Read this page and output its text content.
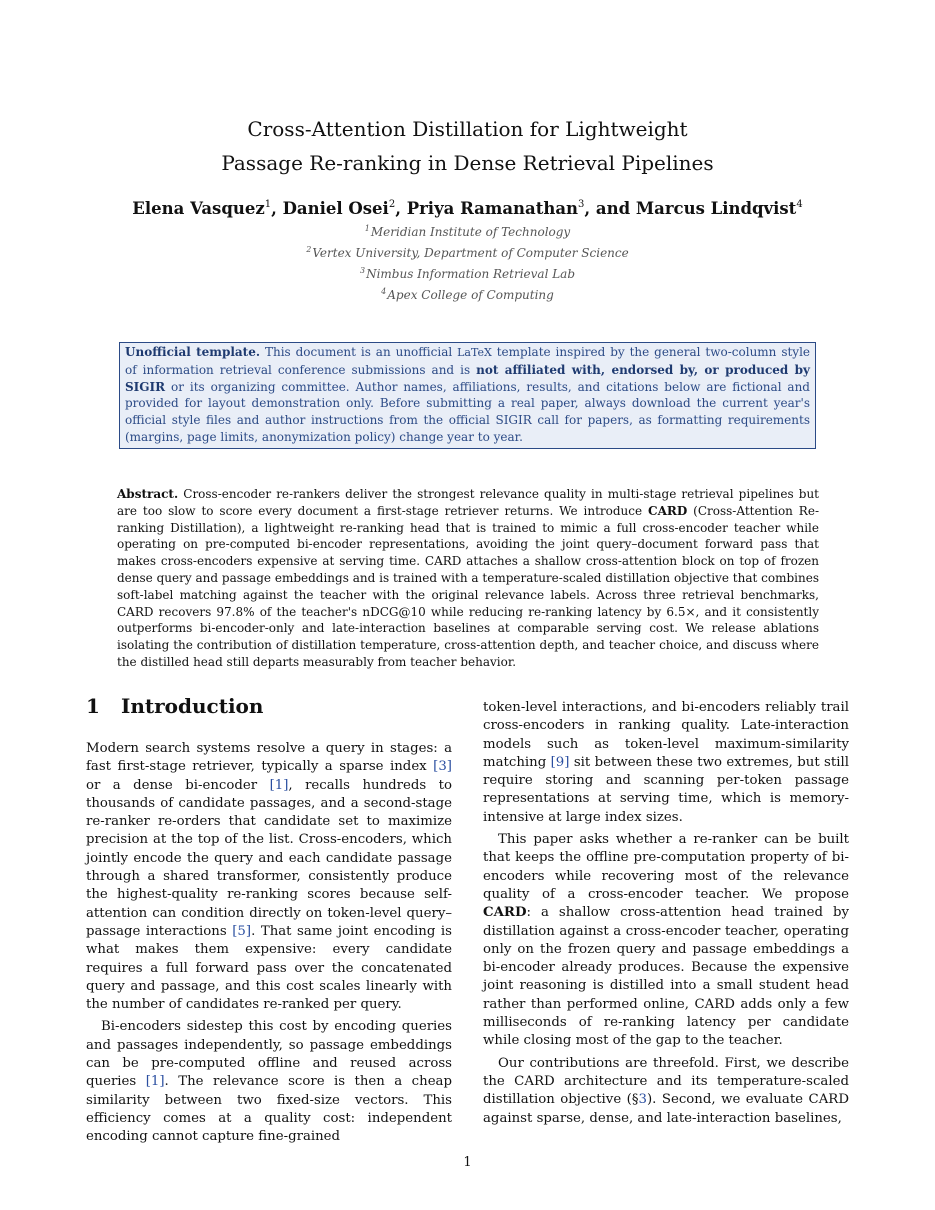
Cross-Attention Distillation for Lightweight
Passage Re-ranking in Dense Retrieval Pipelines
Elena Vasquez$^1$, Daniel Osei$^2$, Priya Ramanathan$^3$, and Marcus Lindqvist$^4$
$^1$Meridian Institute of Technology
$^2$Vertex University, Department of Computer Science
$^3$Nimbus Information Retrieval Lab
$^4$Apex College of Computing
Unofficial template. This document is an unofficial LaTeX template inspired by the general two-column style of information retrieval conference submissions and is not affiliated with, endorsed by, or produced by SIGIR or its organizing committee. Author names, affiliations, results, and citations below are fictional and provided for layout demonstration only. Before submitting a real paper, always download the current year's official style files and author instructions from the official SIGIR call for papers, as formatting requirements (margins, page limits, anonymization policy) change year to year.
Abstract. Cross-encoder re-rankers deliver the strongest relevance quality in multi-stage retrieval pipelines but are too slow to score every document a first-stage retriever returns. We introduce CARD (Cross-Attention Re-ranking Distillation), a lightweight re-ranking head that is trained to mimic a full cross-encoder teacher while operating on pre-computed bi-encoder representations, avoiding the joint query–document forward pass that makes cross-encoders expensive at serving time. CARD attaches a shallow cross-attention block on top of frozen dense query and passage embeddings and is trained with a temperature-scaled distillation objective that combines soft-label matching against the teacher with the original relevance labels. Across three retrieval benchmarks, CARD recovers 97.8% of the teacher's nDCG@10 while reducing re-ranking latency by 6.5×, and it consistently outperforms bi-encoder-only and late-interaction baselines at comparable serving cost. We release ablations isolating the contribution of distillation temperature, cross-attention depth, and teacher choice, and discuss where the distilled head still departs measurably from teacher behavior.
1 Introduction

Modern search systems resolve a query in stages: a fast first-stage retriever, typically a sparse index [3] or a dense bi-encoder [1], recalls hundreds to thousands of candidate passages, and a second-stage re-ranker re-orders that candidate set to maximize precision at the top of the list. Cross-encoders, which jointly encode the query and each candidate passage through a shared transformer, consistently produce the highest-quality re-ranking scores because self-attention can condition directly on token-level query–passage interactions [5]. That same joint encoding is what makes them expensive: every candidate requires a full forward pass over the concatenated query and passage, and this cost scales linearly with the number of candidates re-ranked per query.

Bi-encoders sidestep this cost by encoding queries and passages independently, so passage embeddings can be pre-computed offline and reused across queries [1]. The relevance score is then a cheap similarity between two fixed-size vectors. This efficiency comes at a quality cost: independent encoding cannot capture fine-grained

token-level interactions, and bi-encoders reliably trail cross-encoders in ranking quality. Late-interaction models such as token-level maximum-similarity matching [9] sit between these two extremes, but still require storing and scanning per-token passage representations at serving time, which is memory-intensive at large index sizes.

This paper asks whether a re-ranker can be built that keeps the offline pre-computation property of bi-encoders while recovering most of the relevance quality of a cross-encoder teacher. We propose CARD: a shallow cross-attention head trained by distillation against a cross-encoder teacher, operating only on the frozen query and passage embeddings a bi-encoder already produces. Because the expensive joint reasoning is distilled into a small student head rather than performed online, CARD adds only a few milliseconds of re-ranking latency per candidate while closing most of the gap to the teacher.

Our contributions are threefold. First, we describe the CARD architecture and its temperature-scaled distillation objective (§3). Second, we evaluate CARD against sparse, dense, and late-interaction baselines,

1
